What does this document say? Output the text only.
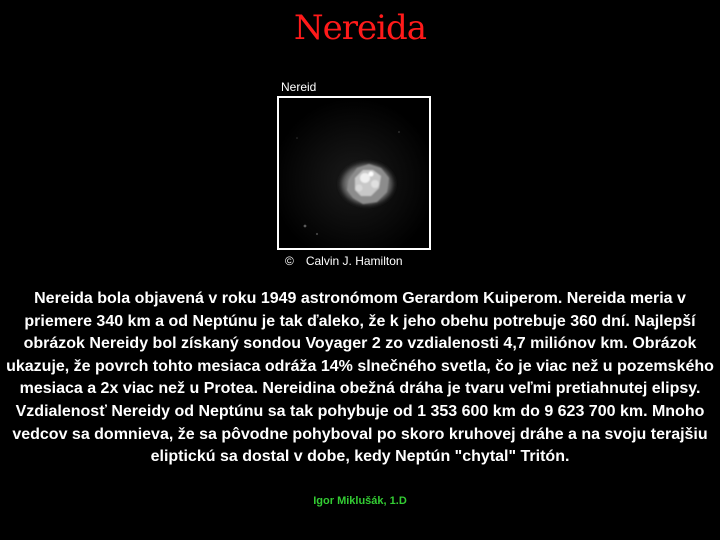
Nereida
Nereid
© Calvin J. Hamilton

Nereida bola objavená v roku 1949 astronómom Gerardom Kuiperom. Nereida meria v priemere 340 km a od Neptúnu je tak ďaleko, že k jeho obehu potrebuje 360 dní. Najlepší obrázok Nereidy bol získaný sondou Voyager 2 zo vzdialenosti 4,7 miliónov km. Obrázok ukazuje, že povrch tohto mesiaca odráža 14% slnečného svetla, čo je viac než u pozemského mesiaca a 2x viac než u Protea. Nereidina obežná dráha je tvaru veľmi pretiahnutej elipsy. Vzdialenosť Nereidy od Neptúnu sa tak pohybuje od 1 353 600 km do 9 623 700 km. Mnoho vedcov sa domnieva, že sa pôvodne pohyboval po skoro kruhovej dráhe a na svoju terajšiu eliptickú sa dostal v dobe, kedy Neptún "chytal" Tritón.

Igor Miklušák, 1.D
